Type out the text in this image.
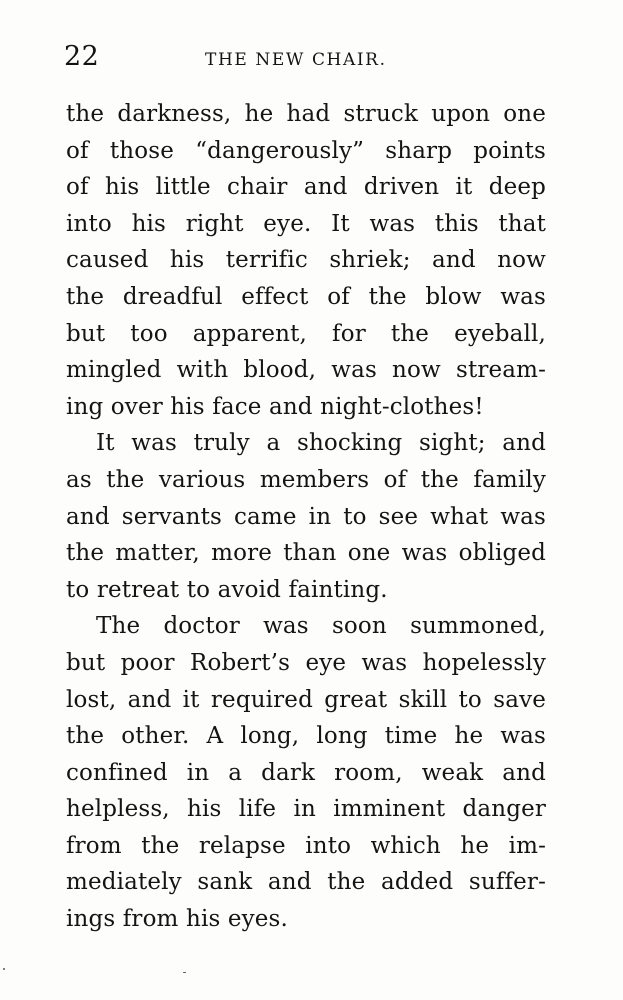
22	THE NEW CHAIR.
the darkness, he had struck upon one
of those “dangerously” sharp points
of his little chair and driven it deep
into his right eye. It was this that
caused his terrific shriek; and now
the dreadful effect of the blow was
but too apparent, for the eyeball,
mingled with blood, was now stream-
ing over his face and night-clothes!
It was truly a shocking sight; and
as the various members of the family
and servants came in to see what was
the matter, more than one was obliged
to retreat to avoid fainting.
The doctor was soon summoned,
but poor Robert’s eye was hopelessly
lost, and it required great skill to save
the other. A long, long time he was
confined in a dark room, weak and
helpless, his life in imminent danger
from the relapse into which he im-
mediately sank and the added suffer-
ings from his eyes.
